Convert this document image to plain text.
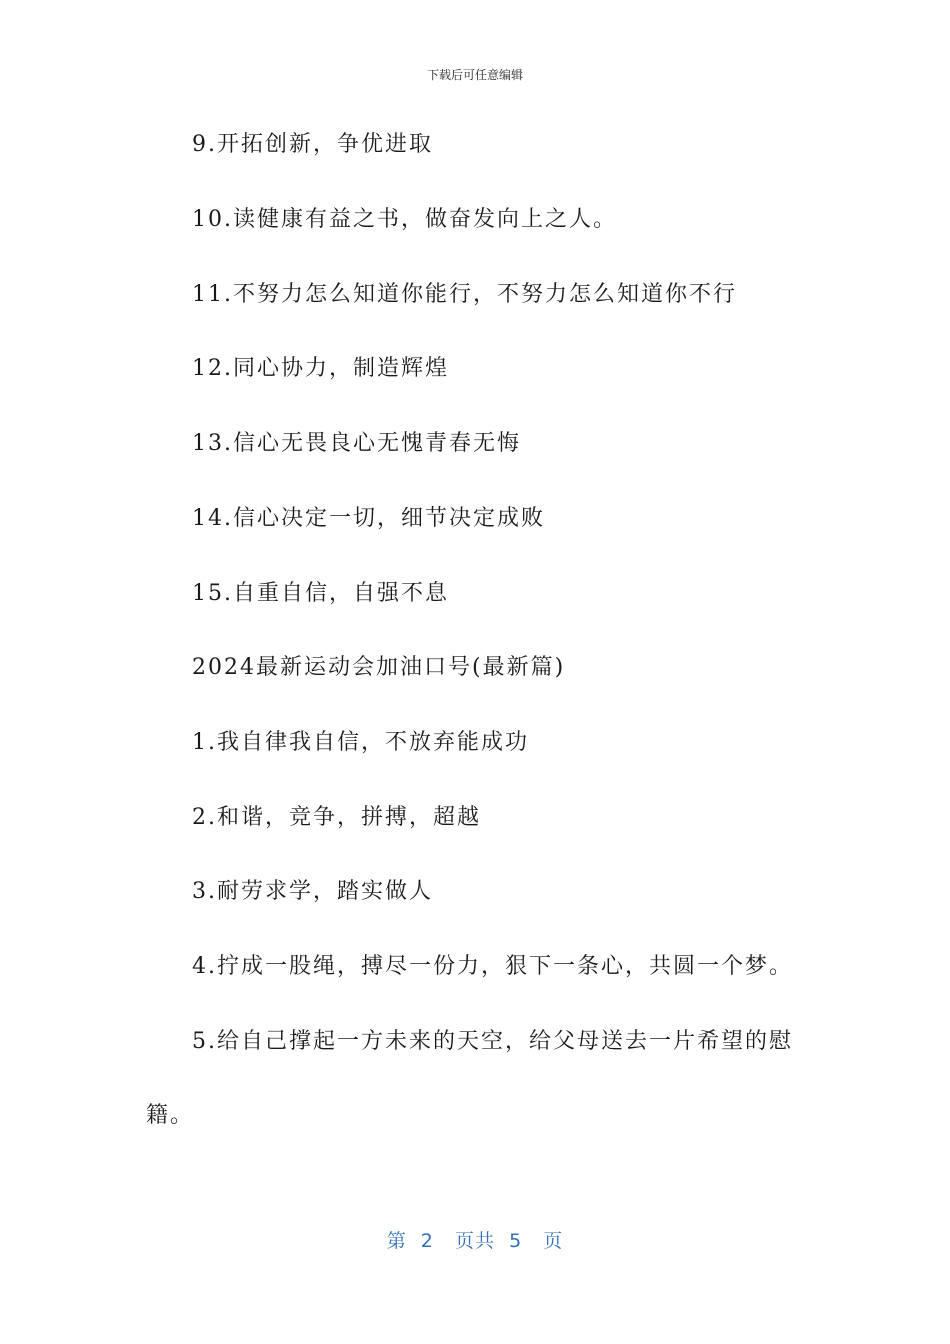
下载后可任意编辑
9.开拓创新，争优进取
10.读健康有益之书，做奋发向上之人。
11.不努力怎么知道你能行，不努力怎么知道你不行
12.同心协力，制造辉煌
13.信心无畏良心无愧青春无悔
14.信心决定一切，细节决定成败
15.自重自信，自强不息
2024最新运动会加油口号(最新篇)
1.我自律我自信，不放弃能成功
2.和谐，竞争，拼搏，超越
3.耐劳求学，踏实做人
4.拧成一股绳，搏尽一份力，狠下一条心，共圆一个梦。
5.给自己撑起一方未来的天空，给父母送去一片希望的慰
籍。
第  2   页共  5   页
